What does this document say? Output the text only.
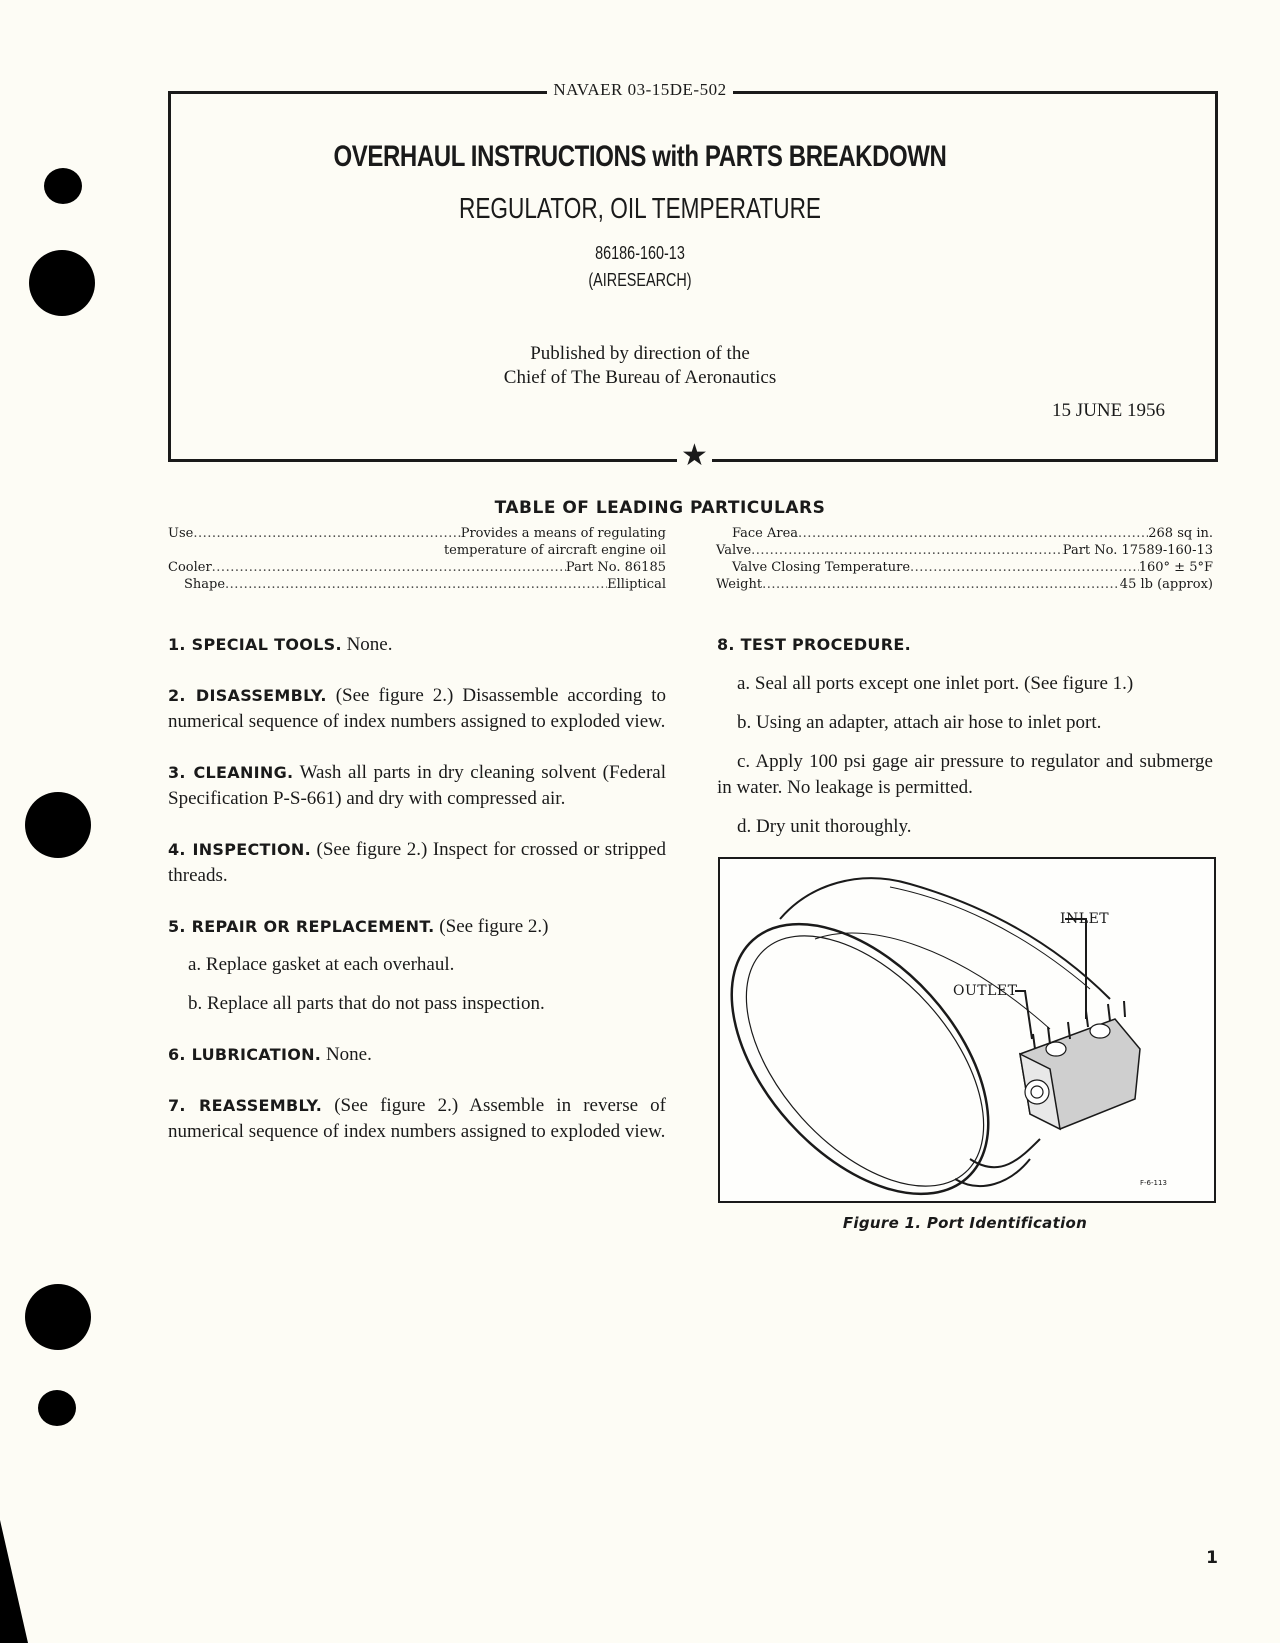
NAVAER 03-15DE-502
★
OVERHAUL INSTRUCTIONS with PARTS BREAKDOWN
REGULATOR, OIL TEMPERATURE
86186-160-13
(AIRESEARCH)
Published by direction of the
Chief of The Bureau of Aeronautics
15 JUNE 1956
TABLE OF LEADING PARTICULARS
Use .....	Provides a means of regulating
temperature of aircraft engine oil
Cooler .....	Part No. 86185
Shape .....	Elliptical
Face Area .....	268 sq in.
Valve .....	Part No. 17589-160-13
Valve Closing Temperature .....	160° ± 5°F
Weight .....	45 lb (approx)

1. SPECIAL TOOLS. None.

2. DISASSEMBLY. (See figure 2.) Disassemble according to numerical sequence of index numbers assigned to exploded view.

3. CLEANING. Wash all parts in dry cleaning solvent (Federal Specification P-S-661) and dry with compressed air.

4. INSPECTION. (See figure 2.) Inspect for crossed or stripped threads.

5. REPAIR OR REPLACEMENT. (See figure 2.)

a. Replace gasket at each overhaul.

b. Replace all parts that do not pass inspection.

6. LUBRICATION. None.

7. REASSEMBLY. (See figure 2.) Assemble in reverse of numerical sequence of index numbers assigned to exploded view.

8. TEST PROCEDURE.

a. Seal all ports except one inlet port. (See figure 1.)

b. Using an adapter, attach air hose to inlet port.

c. Apply 100 psi gage air pressure to regulator and submerge in water. No leakage is permitted.

d. Dry unit thoroughly.

INLET
OUTLET
F-6-113
Figure 1. Port Identification
1
